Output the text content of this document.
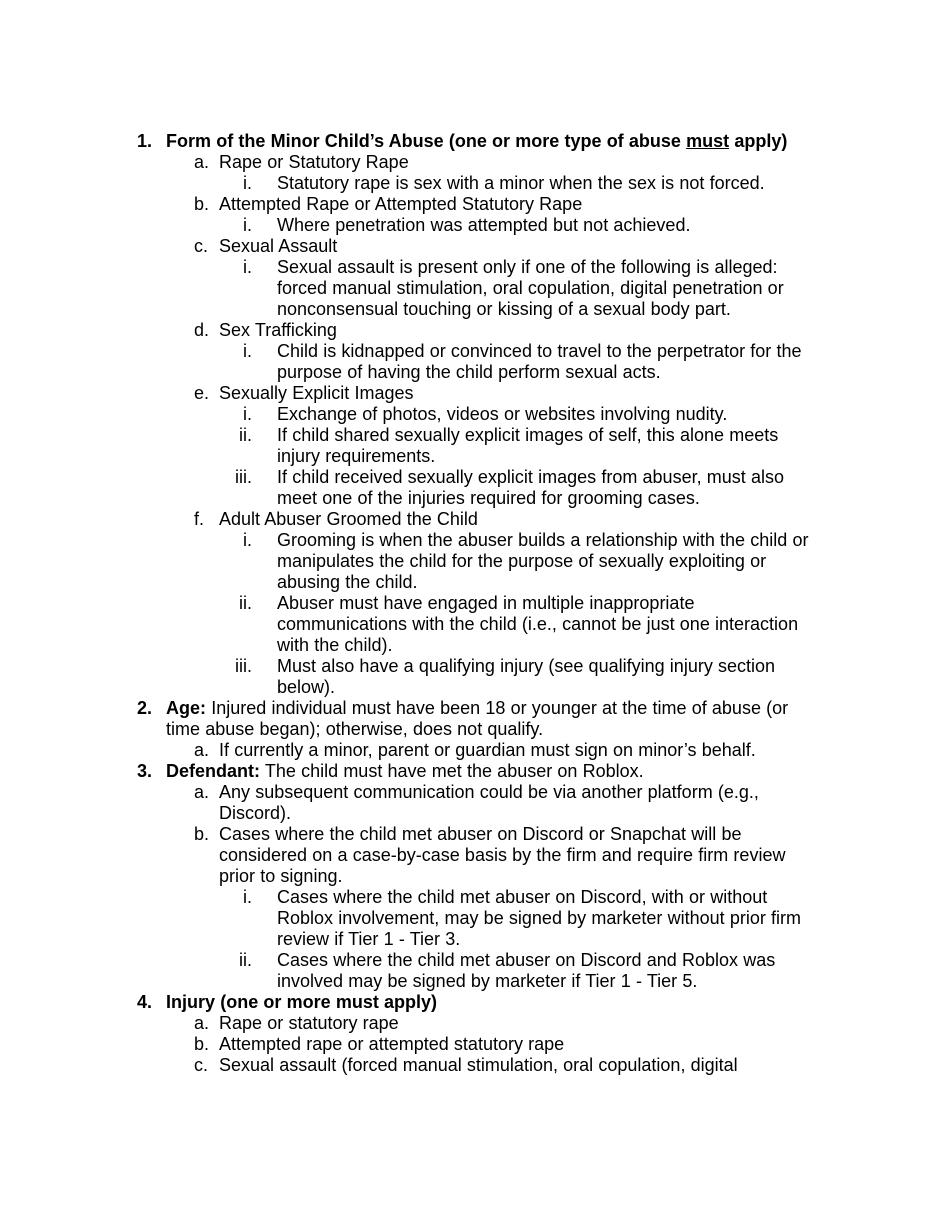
1. Form of the Minor Child’s Abuse (one or more type of abuse must apply)
a. Rape or Statutory Rape
i. Statutory rape is sex with a minor when the sex is not forced.
b. Attempted Rape or Attempted Statutory Rape
i. Where penetration was attempted but not achieved.
c. Sexual Assault
i. Sexual assault is present only if one of the following is alleged: forced manual stimulation, oral copulation, digital penetration or nonconsensual touching or kissing of a sexual body part.
d. Sex Trafficking
i. Child is kidnapped or convinced to travel to the perpetrator for the purpose of having the child perform sexual acts.
e. Sexually Explicit Images
i. Exchange of photos, videos or websites involving nudity.
ii. If child shared sexually explicit images of self, this alone meets injury requirements.
iii. If child received sexually explicit images from abuser, must also meet one of the injuries required for grooming cases.
f. Adult Abuser Groomed the Child
i. Grooming is when the abuser builds a relationship with the child or manipulates the child for the purpose of sexually exploiting or abusing the child.
ii. Abuser must have engaged in multiple inappropriate communications with the child (i.e., cannot be just one interaction with the child).
iii. Must also have a qualifying injury (see qualifying injury section below).
2. Age: Injured individual must have been 18 or younger at the time of abuse (or time abuse began); otherwise, does not qualify.
a. If currently a minor, parent or guardian must sign on minor’s behalf.
3. Defendant: The child must have met the abuser on Roblox.
a. Any subsequent communication could be via another platform (e.g., Discord).
b. Cases where the child met abuser on Discord or Snapchat will be considered on a case-by-case basis by the firm and require firm review prior to signing.
i. Cases where the child met abuser on Discord, with or without Roblox involvement, may be signed by marketer without prior firm review if Tier 1 - Tier 3.
ii. Cases where the child met abuser on Discord and Roblox was involved may be signed by marketer if Tier 1 - Tier 5.
4. Injury (one or more must apply)
a. Rape or statutory rape
b. Attempted rape or attempted statutory rape
c. Sexual assault (forced manual stimulation, oral copulation, digital
